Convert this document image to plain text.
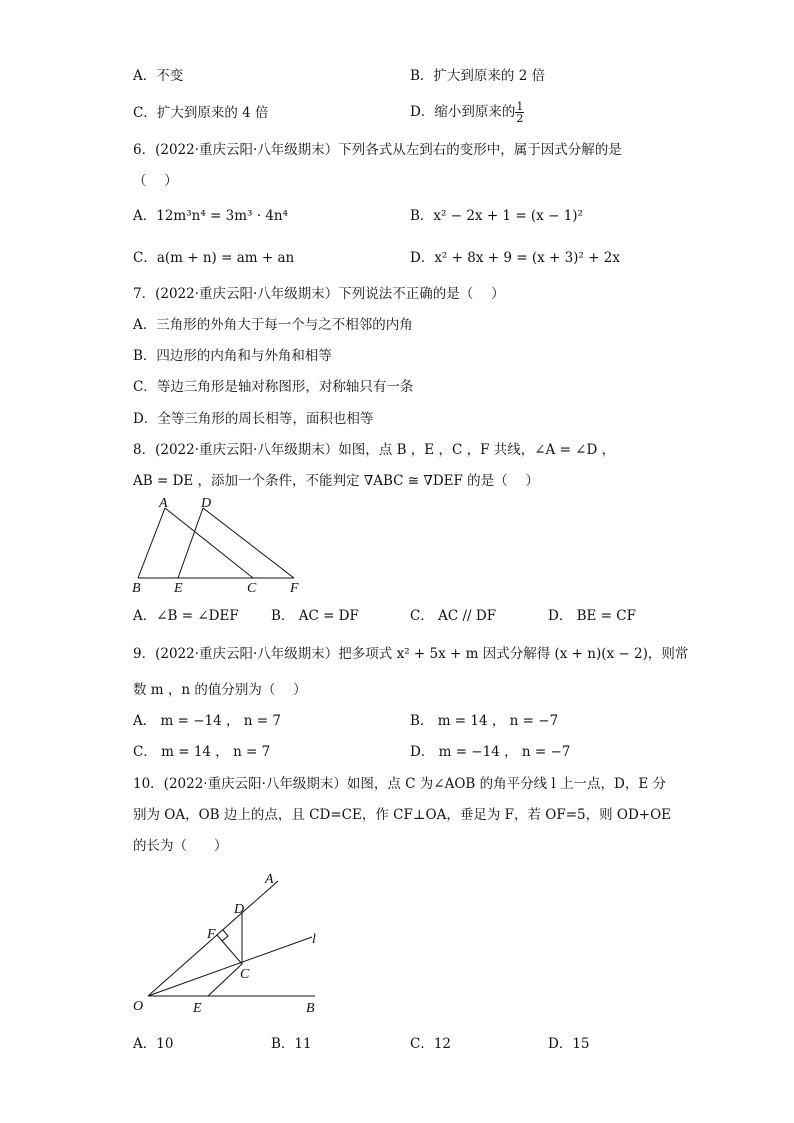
A．不变	B．扩大到原来的 2 倍
C．扩大到原来的 4 倍	D．缩小到原来的 $\frac{1}{2}$
6．(2022·重庆云阳·八年级期末）下列各式从左到右的变形中，属于因式分解的是
（　 ）
A．12m³n⁴ = 3m³ · 4n⁴	B．x² − 2x + 1 = (x − 1)²
C．a(m + n) = am + an	D．x² + 8x + 9 = (x + 3)² + 2x
7．(2022·重庆云阳·八年级期末）下列说法不正确的是（　 ）
A．三角形的外角大于每一个与之不相邻的内角
B．四边形的内角和与外角和相等
C．等边三角形是轴对称图形，对称轴只有一条
D．全等三角形的周长相等，面积也相等
8．(2022·重庆云阳·八年级期末）如图，点 B ，E ，C ，F 共线，∠A = ∠D ，
AB = DE ，添加一个条件，不能判定 ∇ABC ≅ ∇DEF 的是（　 ）
A D
B E	C F
A．∠B = ∠DEF B． AC = DF	C． AC // DF	D． BE = CF
9．(2022·重庆云阳·八年级期末）把多项式 x² + 5x + m 因式分解得 (x + n)(x − 2)，则常
数 m ，n 的值分别为（　 ）
A． m = −14 ， n = 7	B． m = 14 ， n = −7
C． m = 14 ， n = 7	D． m = −14 ， n = −7
10．(2022·重庆云阳·八年级期末）如图，点 C 为∠AOB 的角平分线 l 上一点，D，E 分
别为 OA，OB 边上的点，且 CD=CE，作 CF⊥OA，垂足为 F，若 OF=5，则 OD+OE
的长为（　　）
A
D
F	l
C
O	E	B
A．10	B．11	C．12	D．15
